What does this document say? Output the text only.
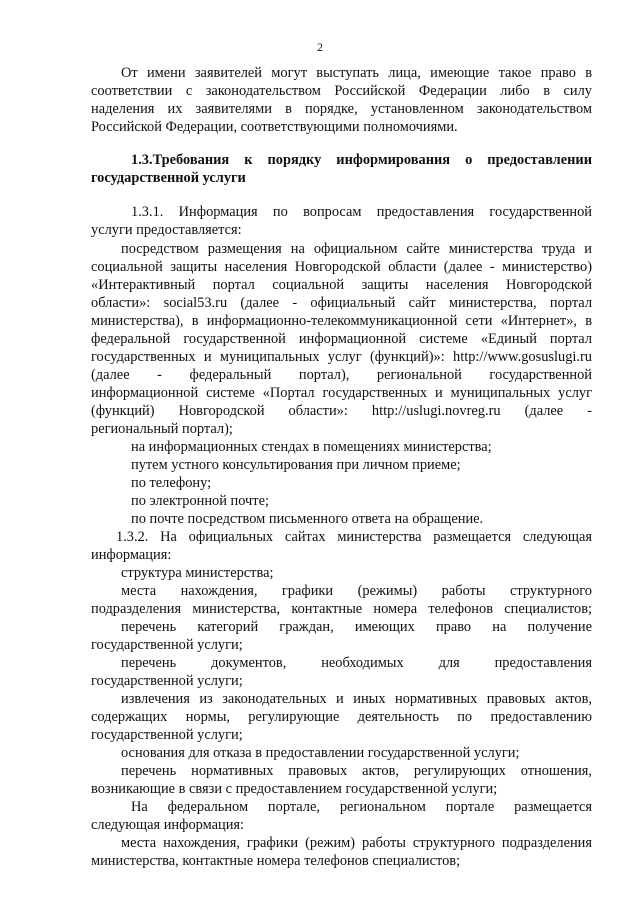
2
От имени заявителей могут выступать лица, имеющие такое право в
соответствии с законодательством Российской Федерации либо в силу
наделения их заявителями в порядке, установленном законодательством
Российской Федерации, соответствующими полномочиями.
1.3.Требования к порядку информирования о предоставлении
государственной услуги
1.3.1. Информация по вопросам предоставления государственной
услуги предоставляется:
посредством размещения на официальном сайте министерства труда и
социальной защиты населения Новгородской области (далее - министерство)
«Интерактивный портал социальной защиты населения Новгородской
области»: social53.ru (далее - официальный сайт министерства, портал
министерства), в информационно-телекоммуникационной сети «Интернет», в
федеральной государственной информационной системе «Единый портал
государственных и муниципальных услуг (функций)»: http://www.gosuslugi.ru
(далее - федеральный портал), региональной государственной
информационной системе «Портал государственных и муниципальных услуг
(функций) Новгородской области»: http://uslugi.novreg.ru (далее -
региональный портал);
на информационных стендах в помещениях министерства;
путем устного консультирования при личном приеме;
по телефону;
по электронной почте;
по почте посредством письменного ответа на обращение.
1.3.2. На официальных сайтах министерства размещается следующая
информация:
структура министерства;
места нахождения, графики (режимы) работы структурного
подразделения министерства, контактные номера телефонов специалистов;
перечень категорий граждан, имеющих право на получение
государственной услуги;
перечень документов, необходимых для предоставления
государственной услуги;
извлечения из законодательных и иных нормативных правовых актов,
содержащих нормы, регулирующие деятельность по предоставлению
государственной услуги;
основания для отказа в предоставлении государственной услуги;
перечень нормативных правовых актов, регулирующих отношения,
возникающие в связи с предоставлением государственной услуги;
На федеральном портале, региональном портале размещается
следующая информация:
места нахождения, графики (режим) работы структурного подразделения
министерства, контактные номера телефонов специалистов;
